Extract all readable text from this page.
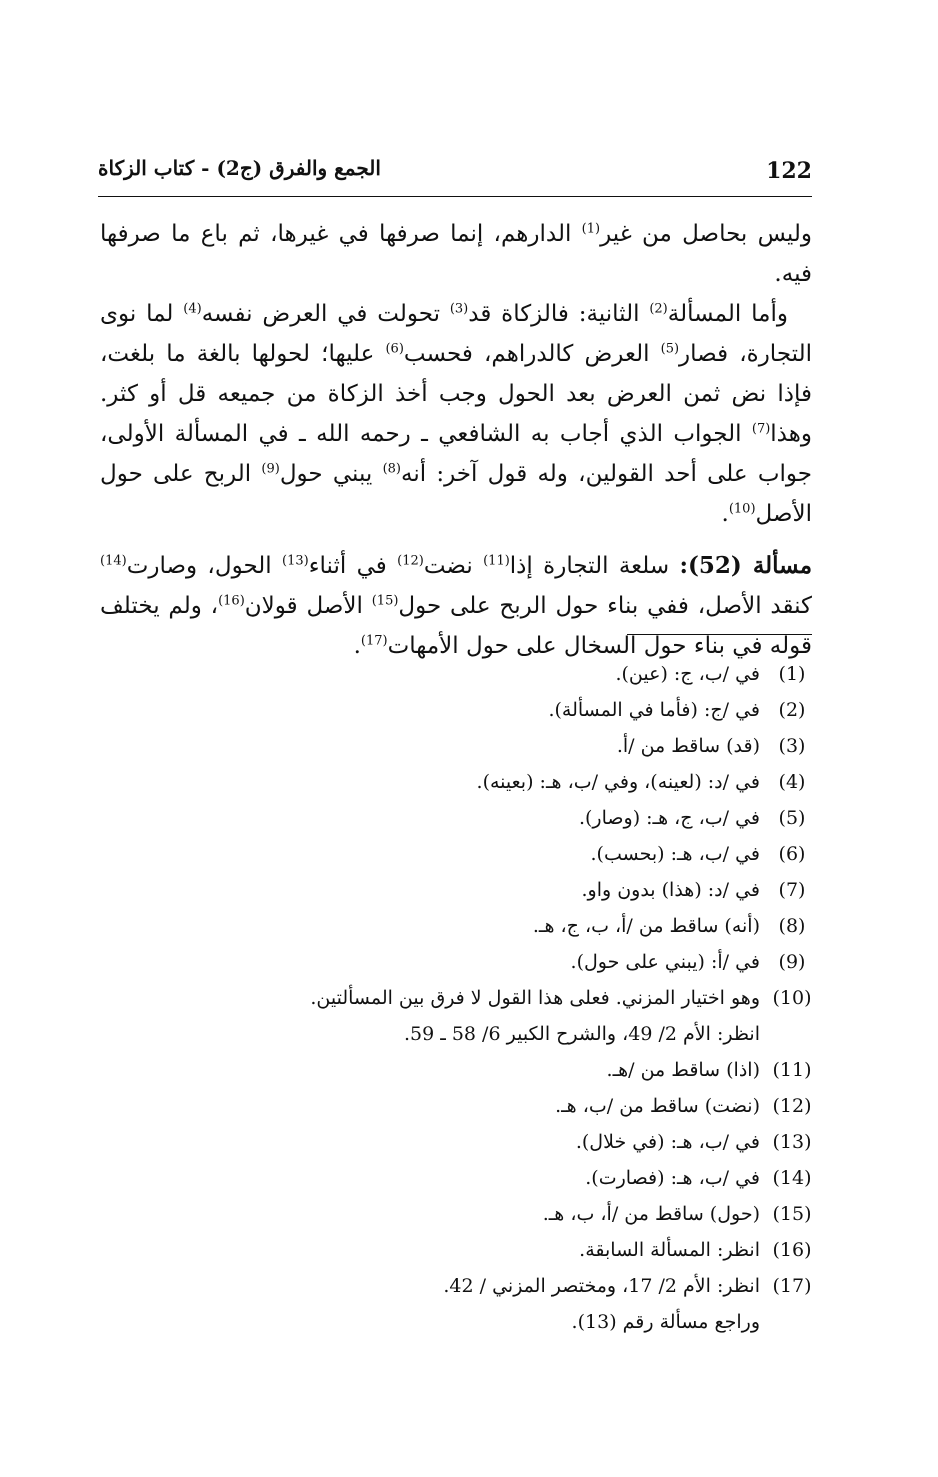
122
الجمع والفرق (ج2) - كتاب الزكاة

وليس بحاصل من غير$^{(1)}$ الدارهم، إنما صرفها في غيرها، ثم باع ما صرفها فيه.

وأما المسألة$^{(2)}$ الثانية: فالزكاة قد$^{(3)}$ تحولت في العرض نفسه$^{(4)}$ لما نوى التجارة، فصار$^{(5)}$ العرض كالدراهم، فحسب$^{(6)}$ عليها؛ لحولها بالغة ما بلغت، فإذا نض ثمن العرض بعد الحول وجب أخذ الزكاة من جميعه قل أو كثر. وهذا$^{(7)}$ الجواب الذي أجاب به الشافعي ـ رحمه الله ـ في المسألة الأولى، جواب على أحد القولين، وله قول آخر: أنه$^{(8)}$ يبني حول$^{(9)}$ الربح على حول الأصل$^{(10)}$.

مسألة (52): سلعة التجارة إذا$^{(11)}$ نضت$^{(12)}$ في أثناء$^{(13)}$ الحول، وصارت$^{(14)}$ كنقد الأصل، ففي بناء حول الربح على حول$^{(15)}$ الأصل قولان$^{(16)}$، ولم يختلف قوله في بناء حول السخال على حول الأمهات$^{(17)}$.

(1)
في /ب، ج: (عين).
(2)
في /ج: (فأما في المسألة).
(3)
(قد) ساقط من /أ.
(4)
في /د: (لعينه)، وفي /ب، هـ: (بعينه).
(5)
في /ب، ج، هـ: (وصار).
(6)
في /ب، هـ: (بحسب).
(7)
في /د: (هذا) بدون واو.
(8)
(أنه) ساقط من /أ، ب، ج، هـ.
(9)
في /أ: (يبني على حول).
(10)
وهو اختيار المزني. فعلى هذا القول لا فرق بين المسألتين.
انظر: الأم 2/ 49، والشرح الكبير 6/ 58 ـ 59.
(11)
(اذا) ساقط من /هـ.
(12)
(نضت) ساقط من /ب، هـ.
(13)
في /ب، هـ: (في خلال).
(14)
في /ب، هـ: (فصارت).
(15)
(حول) ساقط من /أ، ب، هـ.
(16)
انظر: المسألة السابقة.
(17)
انظر: الأم 2/ 17، ومختصر المزني / 42.
وراجع مسألة رقم (13).
